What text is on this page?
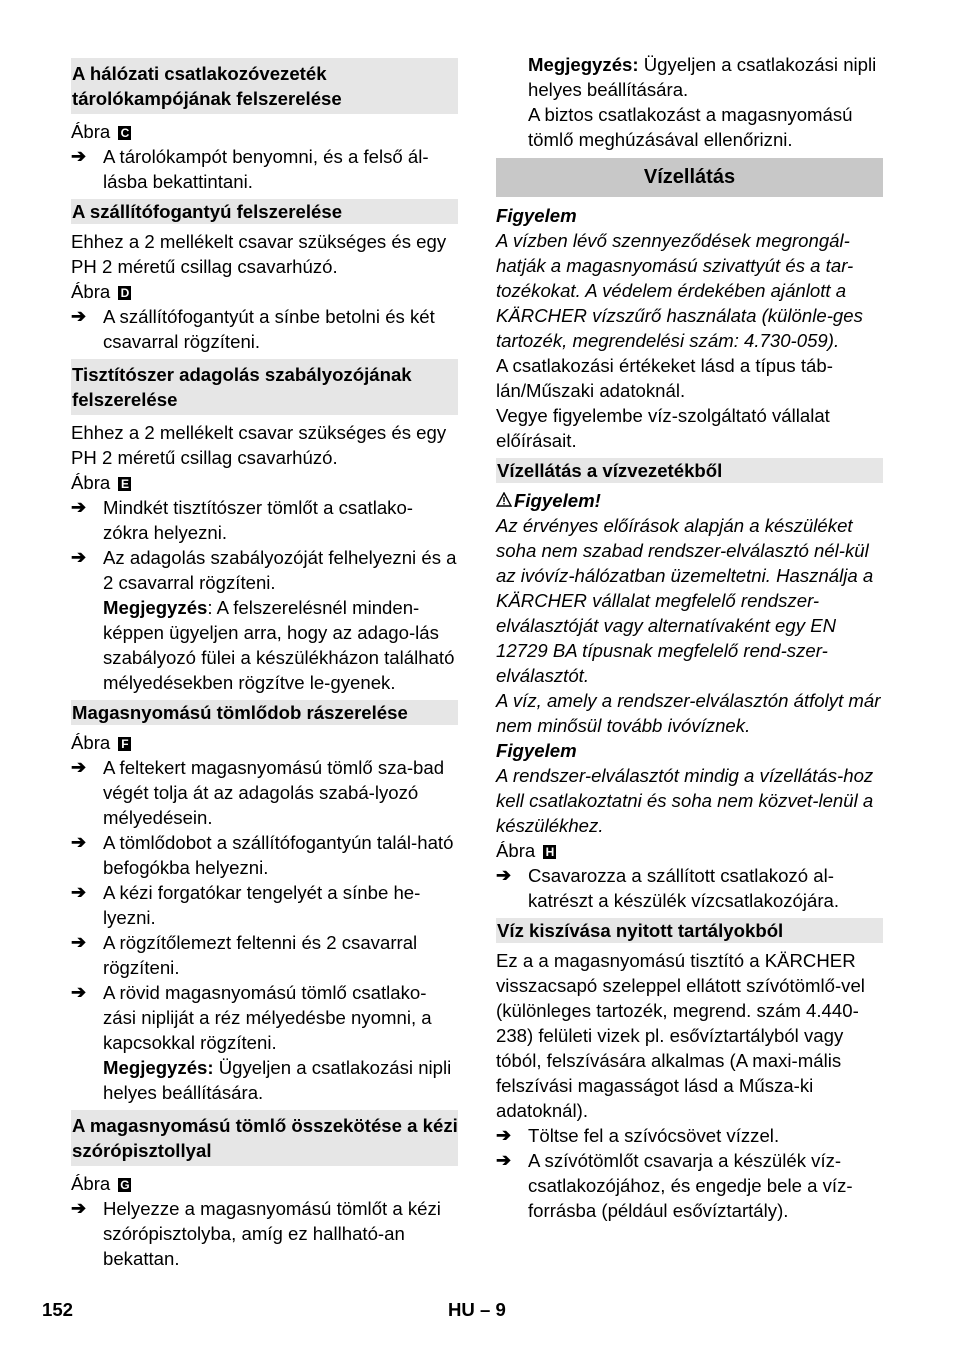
A hálózati csatlakozóvezeték tárolókampójának felszerelése

Ábra C

➔ A tárolókampót benyomni, és a felső ál-lásba bekattintani.
A szállítófogantyú felszerelése

Ehhez a 2 mellékelt csavar szükséges és egy PH 2 méretű csillag csavarhúzó.

Ábra D

➔ A szállítófogantyút a sínbe betolni és két csavarral rögzíteni.
Tisztítószer adagolás szabályozójának felszerelése

Ehhez a 2 mellékelt csavar szükséges és egy PH 2 méretű csillag csavarhúzó.

Ábra E

➔ Mindkét tisztítószer tömlőt a csatlako-zókra helyezni.
➔ Az adagolás szabályozóját felhelyezni és a 2 csavarral rögzíteni.

Megjegyzés: A felszerelésnél minden-képpen ügyeljen arra, hogy az adago-lás szabályozó fülei a készülékházon található mélyedésekben rögzítve le-gyenek.

Magasnyomású tömlődob rászerelése

Ábra F

➔ A feltekert magasnyomású tömlő sza-bad végét tolja át az adagolás szabá-lyozó mélyedésein.
➔ A tömlődobot a szállítófogantyún talál-ható befogókba helyezni.
➔ A kézi forgatókar tengelyét a sínbe he-lyezni.
➔ A rögzítőlemezt feltenni és 2 csavarral rögzíteni.
➔ A rövid magasnyomású tömlő csatlako-zási nipliját a réz mélyedésbe nyomni, a kapcsokkal rögzíteni.

Megjegyzés: Ügyeljen a csatlakozási nipli helyes beállítására.

A magasnyomású tömlő összekötése a kézi szórópisztollyal

Ábra G

➔ Helyezze a magasnyomású tömlőt a kézi szórópisztolyba, amíg ez hallható-an bekattan.

Megjegyzés: Ügyeljen a csatlakozási nipli helyes beállítására.

A biztos csatlakozást a magasnyomású tömlő meghúzásával ellenőrizni.

Vízellátás

Figyelem

A vízben lévő szennyeződések megrongál-hatják a magasnyomású szivattyút és a tar-tozékokat. A védelem érdekében ajánlott a KÄRCHER vízszűrő használata (különle-ges tartozék, megrendelési szám: 4.730-059).

A csatlakozási értékeket lásd a típus táb-lán/Műszaki adatoknál.

Vegye figyelembe víz-szolgáltató vállalat előírásait.

Vízellátás a vízvezetékből

Figyelem!

Az érvényes előírások alapján a készüléket soha nem szabad rendszer-elválasztó nél-kül az ivóvíz-hálózatban üzemeltetni. Használja a KÄRCHER vállalat megfelelő rendszer-elválasztóját vagy alternatívaként egy EN 12729 BA típusnak megfelelő rend-szer-elválasztót.

A víz, amely a rendszer-elválasztón átfolyt már nem minősül tovább ivóvíznek.

Figyelem

A rendszer-elválasztót mindig a vízellátás-hoz kell csatlakoztatni és soha nem közvet-lenül a készülékhez.

Ábra H

➔ Csavarozza a szállított csatlakozó al-katrészt a készülék vízcsatlakozójára.
Víz kiszívása nyitott tartályokból

Ez a a magasnyomású tisztító a KÄRCHER visszacsapó szeleppel ellátott szívótömlő-vel (különleges tartozék, megrend. szám 4.440-238) felületi vizek pl. esővíztartályból vagy tóból, felszívására alkalmas (A maxi-mális felszívási magasságot lásd a Műsza-ki adatoknál).

➔ Töltse fel a szívócsövet vízzel.
➔ A szívótömlőt csavarja a készülék víz-csatlakozójához, és engedje bele a víz-forrásba (például esővíztartály).
152	HU – 9
